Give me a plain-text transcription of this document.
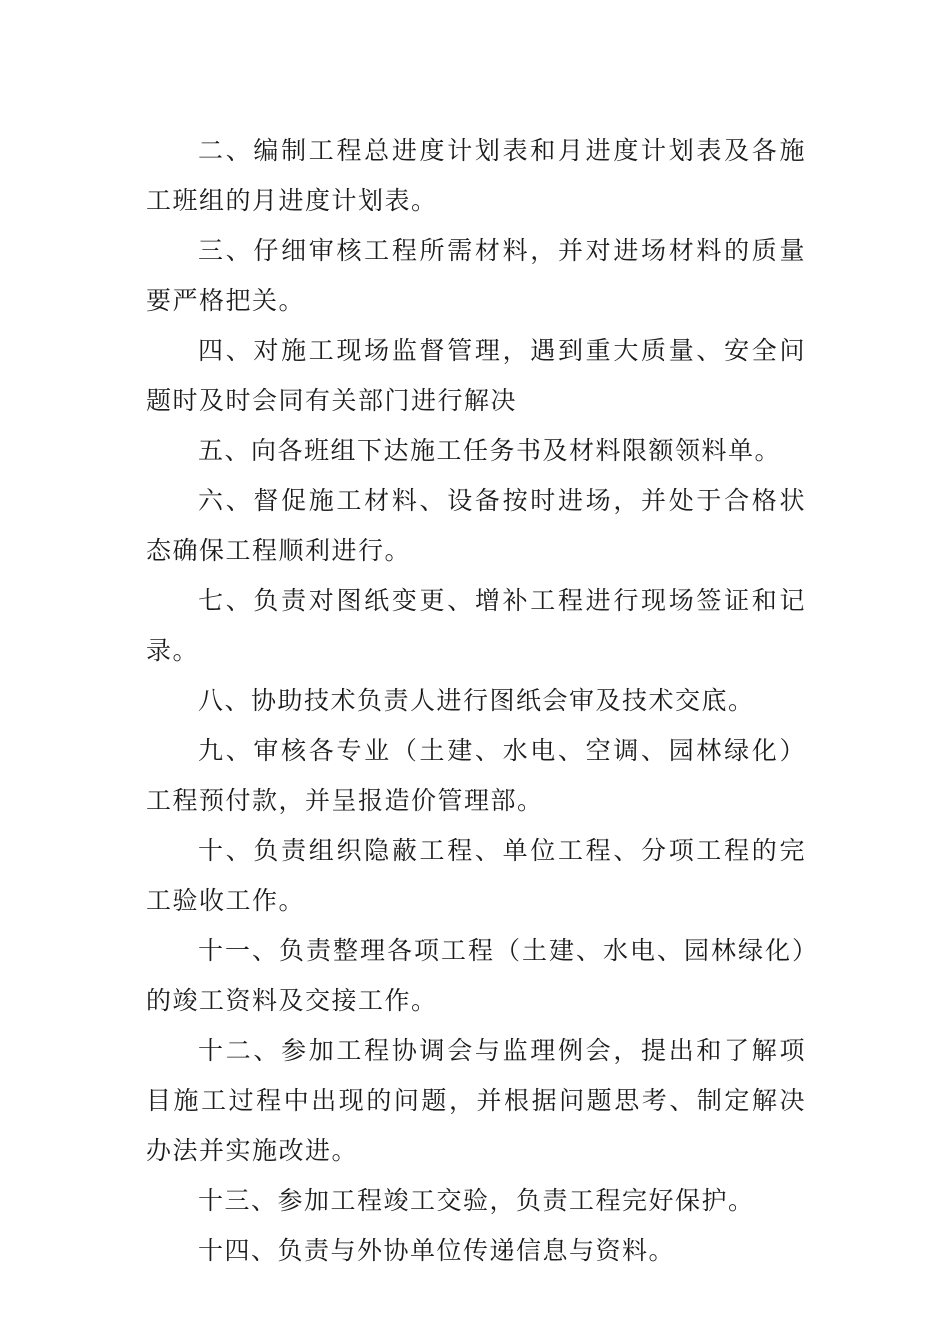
二、编制工程总进度计划表和月进度计划表及各施工班组的月进度计划表。

三、仔细审核工程所需材料，并对进场材料的质量要严格把关。

四、对施工现场监督管理，遇到重大质量、安全问题时及时会同有关部门进行解决

五、向各班组下达施工任务书及材料限额领料单。

六、督促施工材料、设备按时进场，并处于合格状态确保工程顺利进行。

七、负责对图纸变更、增补工程进行现场签证和记录。

八、协助技术负责人进行图纸会审及技术交底。

九、审核各专业（土建、水电、空调、园林绿化）工程预付款，并呈报造价管理部。

十、负责组织隐蔽工程、单位工程、分项工程的完工验收工作。

十一、负责整理各项工程（土建、水电、园林绿化）的竣工资料及交接工作。

十二、参加工程协调会与监理例会，提出和了解项目施工过程中出现的问题，并根据问题思考、制定解决办法并实施改进。

十三、参加工程竣工交验，负责工程完好保护。

十四、负责与外协单位传递信息与资料。
